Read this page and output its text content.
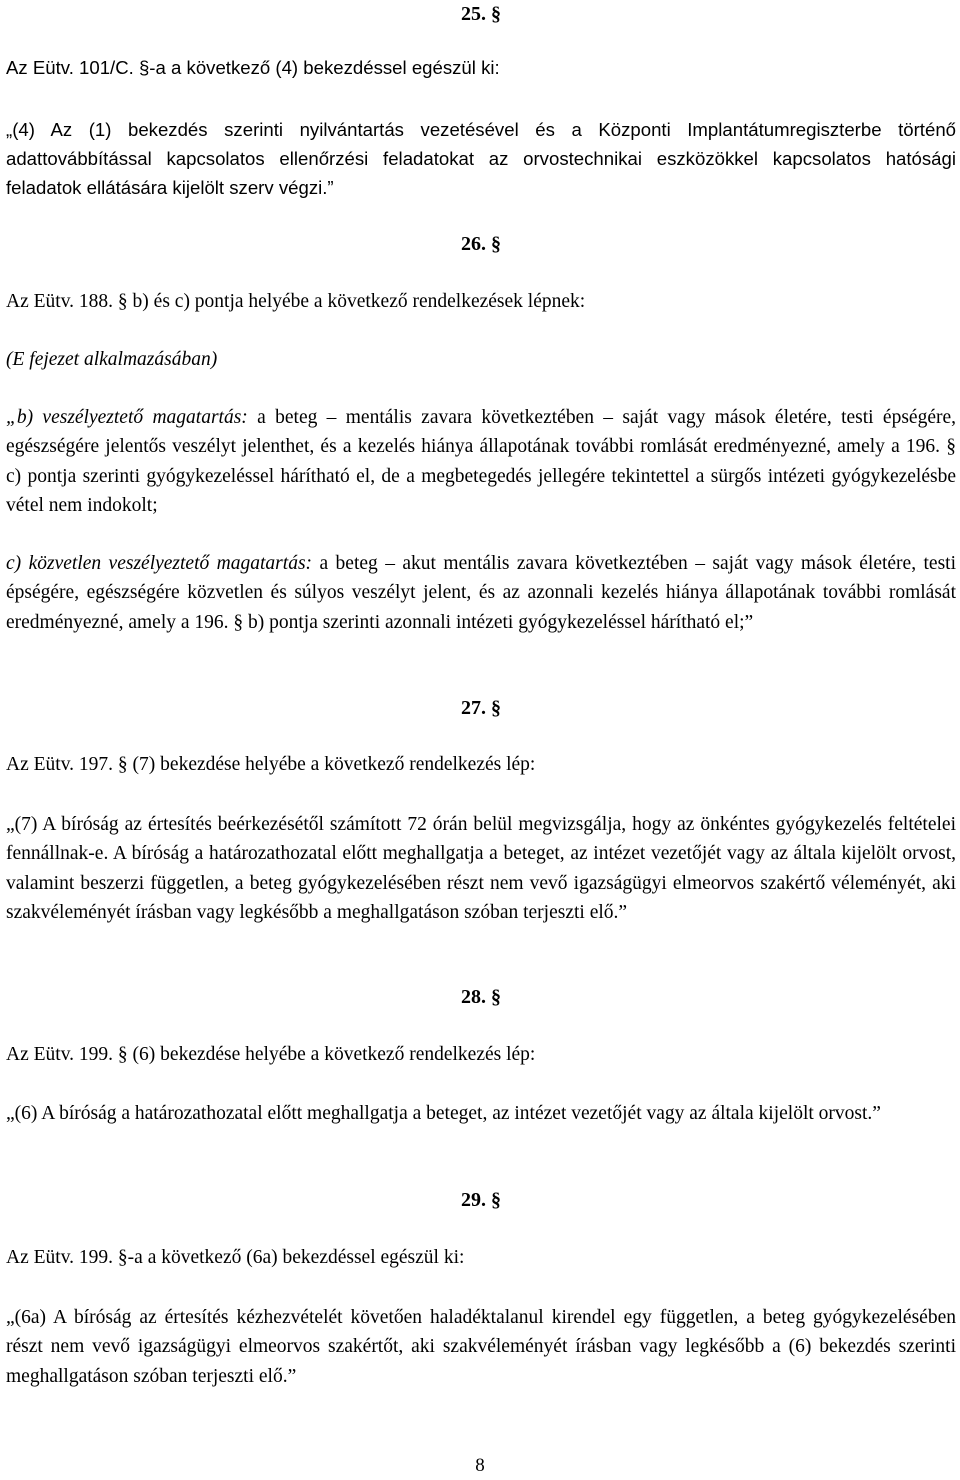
25. §
Az Eütv. 101/C. §-a a következő (4) bekezdéssel egészül ki:
„(4) Az (1) bekezdés szerinti nyilvántartás vezetésével és a Központi Implantátumregiszterbe történő adattovábbítással kapcsolatos ellenőrzési feladatokat az orvostechnikai eszközökkel kapcsolatos hatósági feladatok ellátására kijelölt szerv végzi.”
26. §
Az Eütv. 188. § b) és c) pontja helyébe a következő rendelkezések lépnek:
(E fejezet alkalmazásában)
„b) veszélyeztető magatartás: a beteg – mentális zavara következtében – saját vagy mások életére, testi épségére, egészségére jelentős veszélyt jelenthet, és a kezelés hiánya állapotának további romlását eredményezné, amely a 196. § c) pontja szerinti gyógykezeléssel hárítható el, de a megbetegedés jellegére tekintettel a sürgős intézeti gyógykezelésbe vétel nem indokolt;
c) közvetlen veszélyeztető magatartás: a beteg – akut mentális zavara következtében – saját vagy mások életére, testi épségére, egészségére közvetlen és súlyos veszélyt jelent, és az azonnali kezelés hiánya állapotának további romlását eredményezné, amely a 196. § b) pontja szerinti azonnali intézeti gyógykezeléssel hárítható el;”
27. §
Az Eütv. 197. § (7) bekezdése helyébe a következő rendelkezés lép:
„(7) A bíróság az értesítés beérkezésétől számított 72 órán belül megvizsgálja, hogy az önkéntes gyógykezelés feltételei fennállnak-e. A bíróság a határozathozatal előtt meghallgatja a beteget, az intézet vezetőjét vagy az általa kijelölt orvost, valamint beszerzi független, a beteg gyógykezelésében részt nem vevő igazságügyi elmeorvos szakértő véleményét, aki szakvéleményét írásban vagy legkésőbb a meghallgatáson szóban terjeszti elő.”
28. §
Az Eütv. 199. § (6) bekezdése helyébe a következő rendelkezés lép:
„(6) A bíróság a határozathozatal előtt meghallgatja a beteget, az intézet vezetőjét vagy az általa kijelölt orvost.”
29. §
Az Eütv. 199. §-a a következő (6a) bekezdéssel egészül ki:
„(6a) A bíróság az értesítés kézhezvételét követően haladéktalanul kirendel egy független, a beteg gyógykezelésében részt nem vevő igazságügyi elmeorvos szakértőt, aki szakvéleményét írásban vagy legkésőbb a (6) bekezdés szerinti meghallgatáson szóban terjeszti elő.”
8
